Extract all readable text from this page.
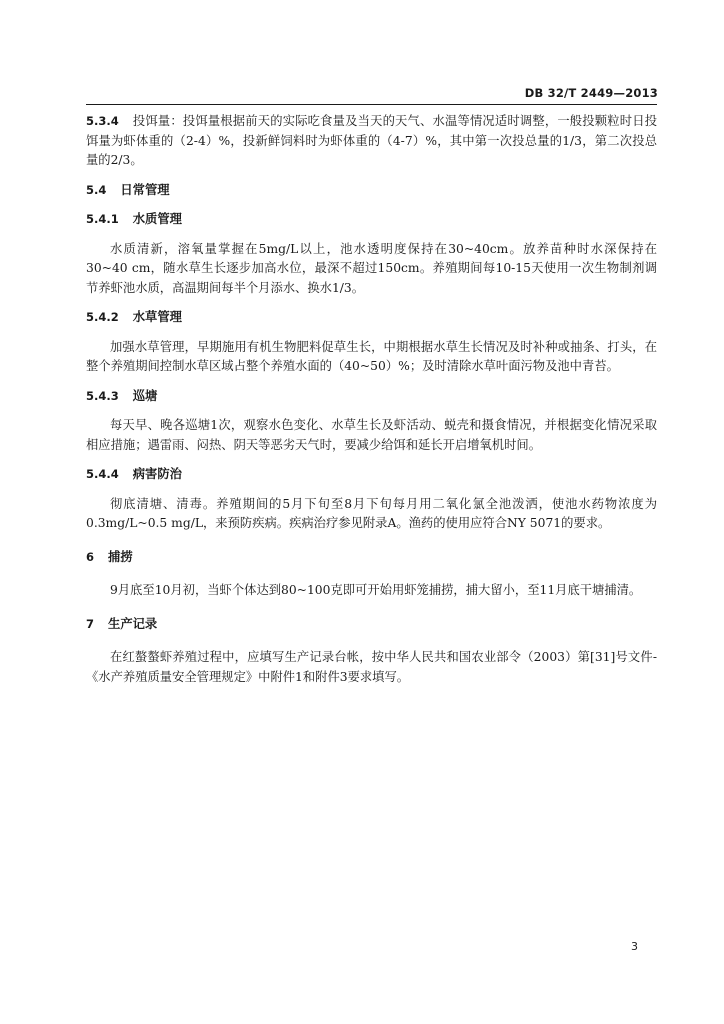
DB 32/T 2449—2013

5.3.4 投饵量：投饵量根据前天的实际吃食量及当天的天气、水温等情况适时调整，一般投颗粒时日投饵量为虾体重的（2-4）%，投新鲜饲料时为虾体重的（4-7）%，其中第一次投总量的1/3，第二次投总量的2/3。

5.4 日常管理

5.4.1 水质管理

水质清新，溶氧量掌握在5mg/L以上，池水透明度保持在30~40cm。放养苗种时水深保持在30~40 cm，随水草生长逐步加高水位，最深不超过150cm。养殖期间每10-15天使用一次生物制剂调节养虾池水质，高温期间每半个月添水、换水1/3。

5.4.2 水草管理

加强水草管理，早期施用有机生物肥料促草生长，中期根据水草生长情况及时补种或抽条、打头，在整个养殖期间控制水草区域占整个养殖水面的（40~50）%；及时清除水草叶面污物及池中青苔。

5.4.3 巡塘

每天早、晚各巡塘1次，观察水色变化、水草生长及虾活动、蜕壳和摄食情况，并根据变化情况采取相应措施；遇雷雨、闷热、阴天等恶劣天气时，要减少给饵和延长开启增氧机时间。

5.4.4 病害防治

彻底清塘、清毒。养殖期间的5月下旬至8月下旬每月用二氧化氯全池泼洒，使池水药物浓度为0.3mg/L~0.5 mg/L，来预防疾病。疾病治疗参见附录A。渔药的使用应符合NY 5071的要求。

6 捕捞

9月底至10月初，当虾个体达到80~100克即可开始用虾笼捕捞，捕大留小，至11月底干塘捕清。

7 生产记录

在红螯螯虾养殖过程中，应填写生产记录台帐，按中华人民共和国农业部令（2003）第[31]号文件-《水产养殖质量安全管理规定》中附件1和附件3要求填写。

3
